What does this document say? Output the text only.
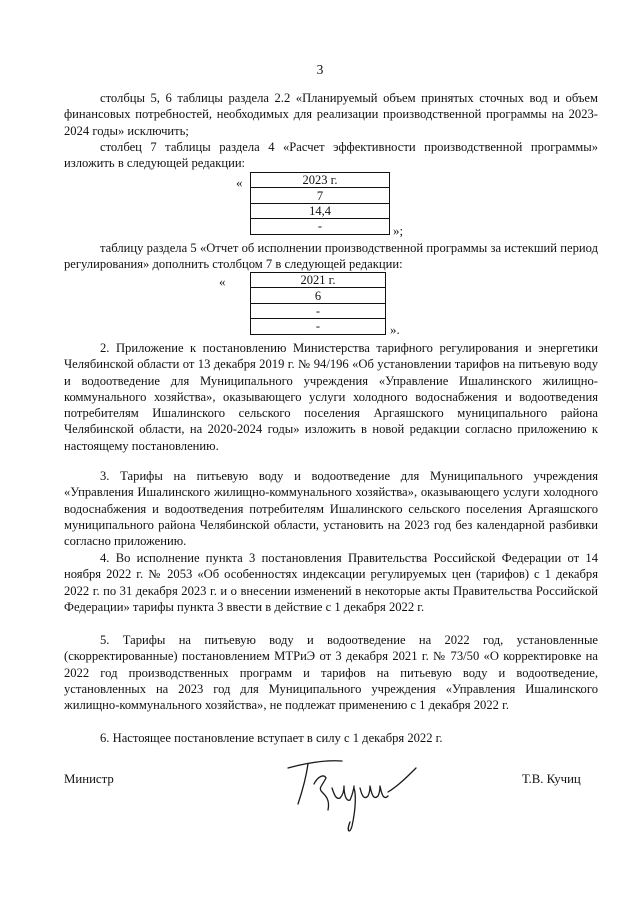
3
столбцы 5, 6 таблицы раздела 2.2 «Планируемый объем принятых сточных вод и объем финансовых потребностей, необходимых для реализации производственной программы на 2023-2024 годы» исключить;
столбец 7 таблицы раздела 4 «Расчет эффективности производственной программы» изложить в следующей редакции:
«	2023 г.
7
14,4
-	»;
таблицу раздела 5 «Отчет об исполнении производственной программы за истекший период регулирования» дополнить столбцом 7 в следующей редакции:
«	2021 г.
6
-
-	».
2. Приложение к постановлению Министерства тарифного регулирования и энергетики Челябинской области от 13 декабря 2019 г. № 94/196 «Об установлении тарифов на питьевую воду и водоотведение для Муниципального учреждения «Управление Ишалинского жилищно-коммунального хозяйства», оказывающего услуги холодного водоснабжения и водоотведения потребителям Ишалинского сельского поселения Аргаяшского муниципального района Челябинской области, на 2020-2024 годы» изложить в новой редакции согласно приложению к настоящему постановлению.
3. Тарифы на питьевую воду и водоотведение для Муниципального учреждения «Управления Ишалинского жилищно-коммунального хозяйства», оказывающего услуги холодного водоснабжения и водоотведения потребителям Ишалинского сельского поселения Аргаяшского муниципального района Челябинской области, установить на 2023 год без календарной разбивки согласно приложению.
4. Во исполнение пункта 3 постановления Правительства Российской Федерации от 14 ноября 2022 г. № 2053 «Об особенностях индексации регулируемых цен (тарифов) с 1 декабря 2022 г. по 31 декабря 2023 г. и о внесении изменений в некоторые акты Правительства Российской Федерации» тарифы пункта 3 ввести в действие с 1 декабря 2022 г.
5. Тарифы на питьевую воду и водоотведение на 2022 год, установленные (скорректированные) постановлением МТРиЭ от 3 декабря 2021 г. № 73/50 «О корректировке на 2022 год производственных программ и тарифов на питьевую воду и водоотведение, установленных на 2023 год для Муниципального учреждения «Управления Ишалинского жилищно-коммунального хозяйства», не подлежат применению с 1 декабря 2022 г.
6. Настоящее постановление вступает в силу с 1 декабря 2022 г.
Министр	Т.В. Кучиц
